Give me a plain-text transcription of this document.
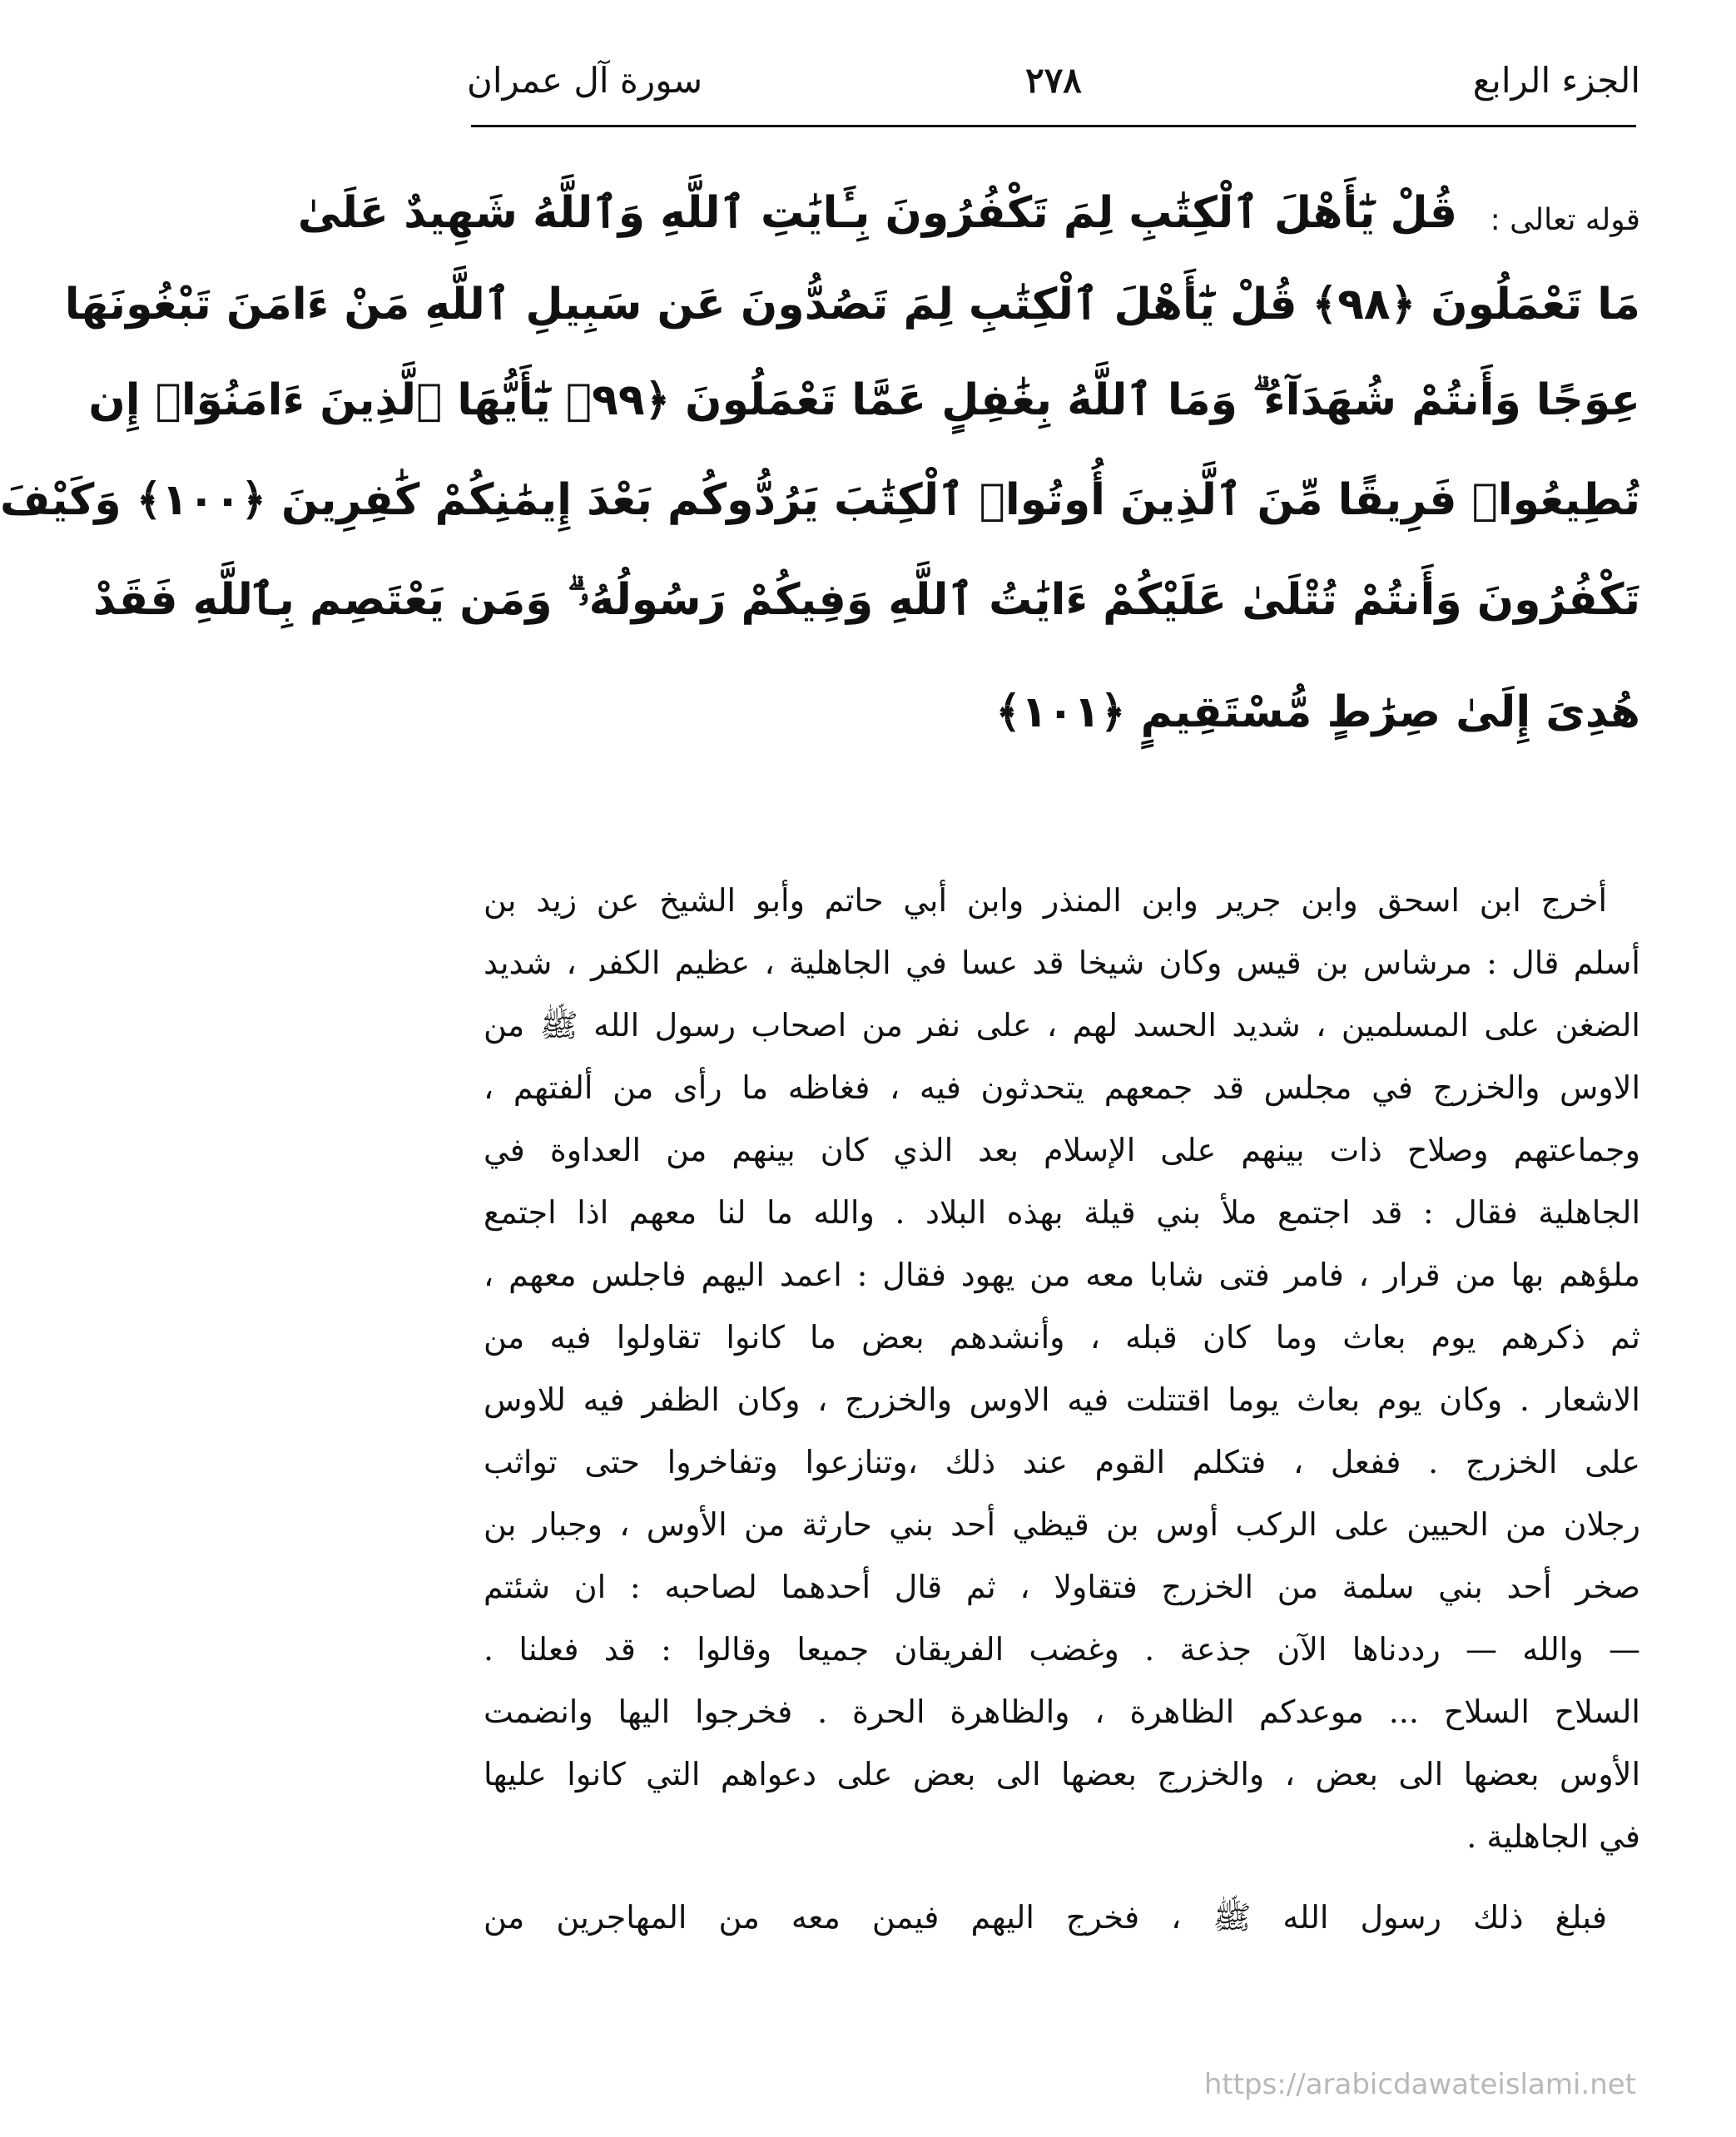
الجزء الرابع
٢٧٨
سورة آل عمران
قوله تعالى :
قُلْ يَٰٓأَهْلَ ٱلْكِتَٰبِ لِمَ تَكْفُرُونَ بِـَٔايَٰتِ ٱللَّهِ وَٱللَّهُ شَهِيدٌ عَلَىٰ
مَا تَعْمَلُونَ ﴿٩٨﴾ قُلْ يَٰٓأَهْلَ ٱلْكِتَٰبِ لِمَ تَصُدُّونَ عَن سَبِيلِ ٱللَّهِ مَنْ ءَامَنَ تَبْغُونَهَا
عِوَجًا وَأَنتُمْ شُهَدَآءُ ۗ وَمَا ٱللَّهُ بِغَٰفِلٍ عَمَّا تَعْمَلُونَ ﴿٩٩﴾ يَٰٓأَيُّهَا ٱلَّذِينَ ءَامَنُوٓا۟ إِن
تُطِيعُوا۟ فَرِيقًا مِّنَ ٱلَّذِينَ أُوتُوا۟ ٱلْكِتَٰبَ يَرُدُّوكُم بَعْدَ إِيمَٰنِكُمْ كَٰفِرِينَ ﴿١٠٠﴾ وَكَيْفَ
تَكْفُرُونَ وَأَنتُمْ تُتْلَىٰ عَلَيْكُمْ ءَايَٰتُ ٱللَّهِ وَفِيكُمْ رَسُولُهُۥ ۗ وَمَن يَعْتَصِم بِٱللَّهِ فَقَدْ
هُدِىَ إِلَىٰ صِرَٰطٍ مُّسْتَقِيمٍ ﴿١٠١﴾
أخرج ابن اسحق وابن جرير وابن المنذر وابن أبي حاتم وأبو الشيخ عن زيد بن
أسلم قال : مرشاس بن قيس وكان شيخا قد عسا في الجاهلية ، عظيم الكفر ، شديد
الضغن على المسلمين ، شديد الحسد لهم ، على نفر من اصحاب رسول الله ﷺ من
الاوس والخزرج في مجلس قد جمعهم يتحدثون فيه ، فغاظه ما رأى من ألفتهم ،
وجماعتهم وصلاح ذات بينهم على الإسلام بعد الذي كان بينهم من العداوة في
الجاهلية فقال : قد اجتمع ملأ بني قيلة بهذه البلاد . والله ما لنا معهم اذا اجتمع
ملؤهم بها من قرار ، فامر فتى شابا معه من يهود فقال : اعمد اليهم فاجلس معهم ،
ثم ذكرهم يوم بعاث وما كان قبله ، وأنشدهم بعض ما كانوا تقاولوا فيه من
الاشعار . وكان يوم بعاث يوما اقتتلت فيه الاوس والخزرج ، وكان الظفر فيه للاوس
على الخزرج . ففعل ، فتكلم القوم عند ذلك ،وتنازعوا وتفاخروا حتى تواثب
رجلان من الحيين على الركب أوس بن قيظي أحد بني حارثة من الأوس ، وجبار بن
صخر أحد بني سلمة من الخزرج فتقاولا ، ثم قال أحدهما لصاحبه : ان شئتم
— والله — رددناها الآن جذعة . وغضب الفريقان جميعا وقالوا : قد فعلنا .
السلاح السلاح ... موعدكم الظاهرة ، والظاهرة الحرة . فخرجوا اليها وانضمت
الأوس بعضها الى بعض ، والخزرج بعضها الى بعض على دعواهم التي كانوا عليها
في الجاهلية .
فبلغ ذلك رسول الله ﷺ ، فخرج اليهم فيمن معه من المهاجرين من
https://arabicdawateislami.net
